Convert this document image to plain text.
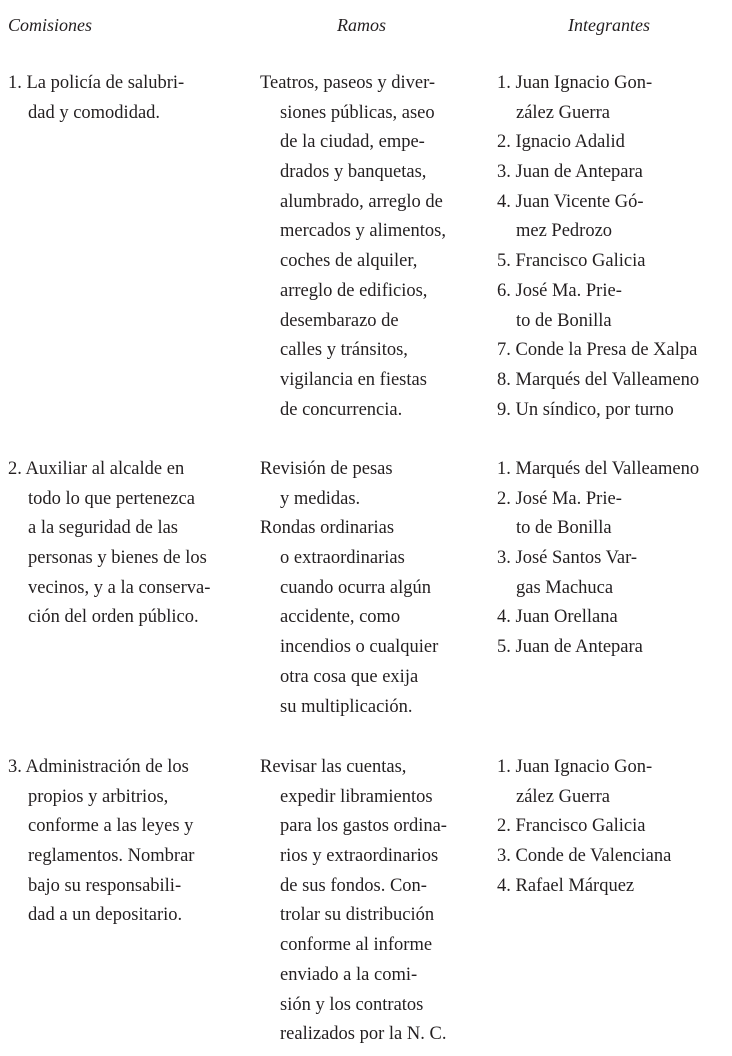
Comisiones	Ramos	Integrantes
1. La policía de salubri-
dad y comodidad.
Teatros, paseos y diver-
siones públicas, aseo
de la ciudad, empe-
drados y banquetas,
alumbrado, arreglo de
mercados y alimentos,
coches de alquiler,
arreglo de edificios,
desembarazo de
calles y tránsitos,
vigilancia en fiestas
de concurrencia.
1. Juan Ignacio Gon-
zález Guerra
2. Ignacio Adalid
3. Juan de Antepara
4. Juan Vicente Gó-
mez Pedrozo
5. Francisco Galicia
6. José Ma. Prie-
to de Bonilla
7. Conde la Presa de Xalpa
8. Marqués del Valleameno
9. Un síndico, por turno
2. Auxiliar al alcalde en
todo lo que pertenezca
a la seguridad de las
personas y bienes de los
vecinos, y a la conserva-
ción del orden público.
Revisión de pesas
y medidas.
Rondas ordinarias
o extraordinarias
cuando ocurra algún
accidente, como
incendios o cualquier
otra cosa que exija
su multiplicación.
1. Marqués del Valleameno
2. José Ma. Prie-
to de Bonilla
3. José Santos Var-
gas Machuca
4. Juan Orellana
5. Juan de Antepara
3. Administración de los
propios y arbitrios,
conforme a las leyes y
reglamentos. Nombrar
bajo su responsabili-
dad a un depositario.
Revisar las cuentas,
expedir libramientos
para los gastos ordina-
rios y extraordinarios
de sus fondos. Con-
trolar su distribución
conforme al informe
enviado a la comi-
sión y los contratos
realizados por la N. C.
1. Juan Ignacio Gon-
zález Guerra
2. Francisco Galicia
3. Conde de Valenciana
4. Rafael Márquez
